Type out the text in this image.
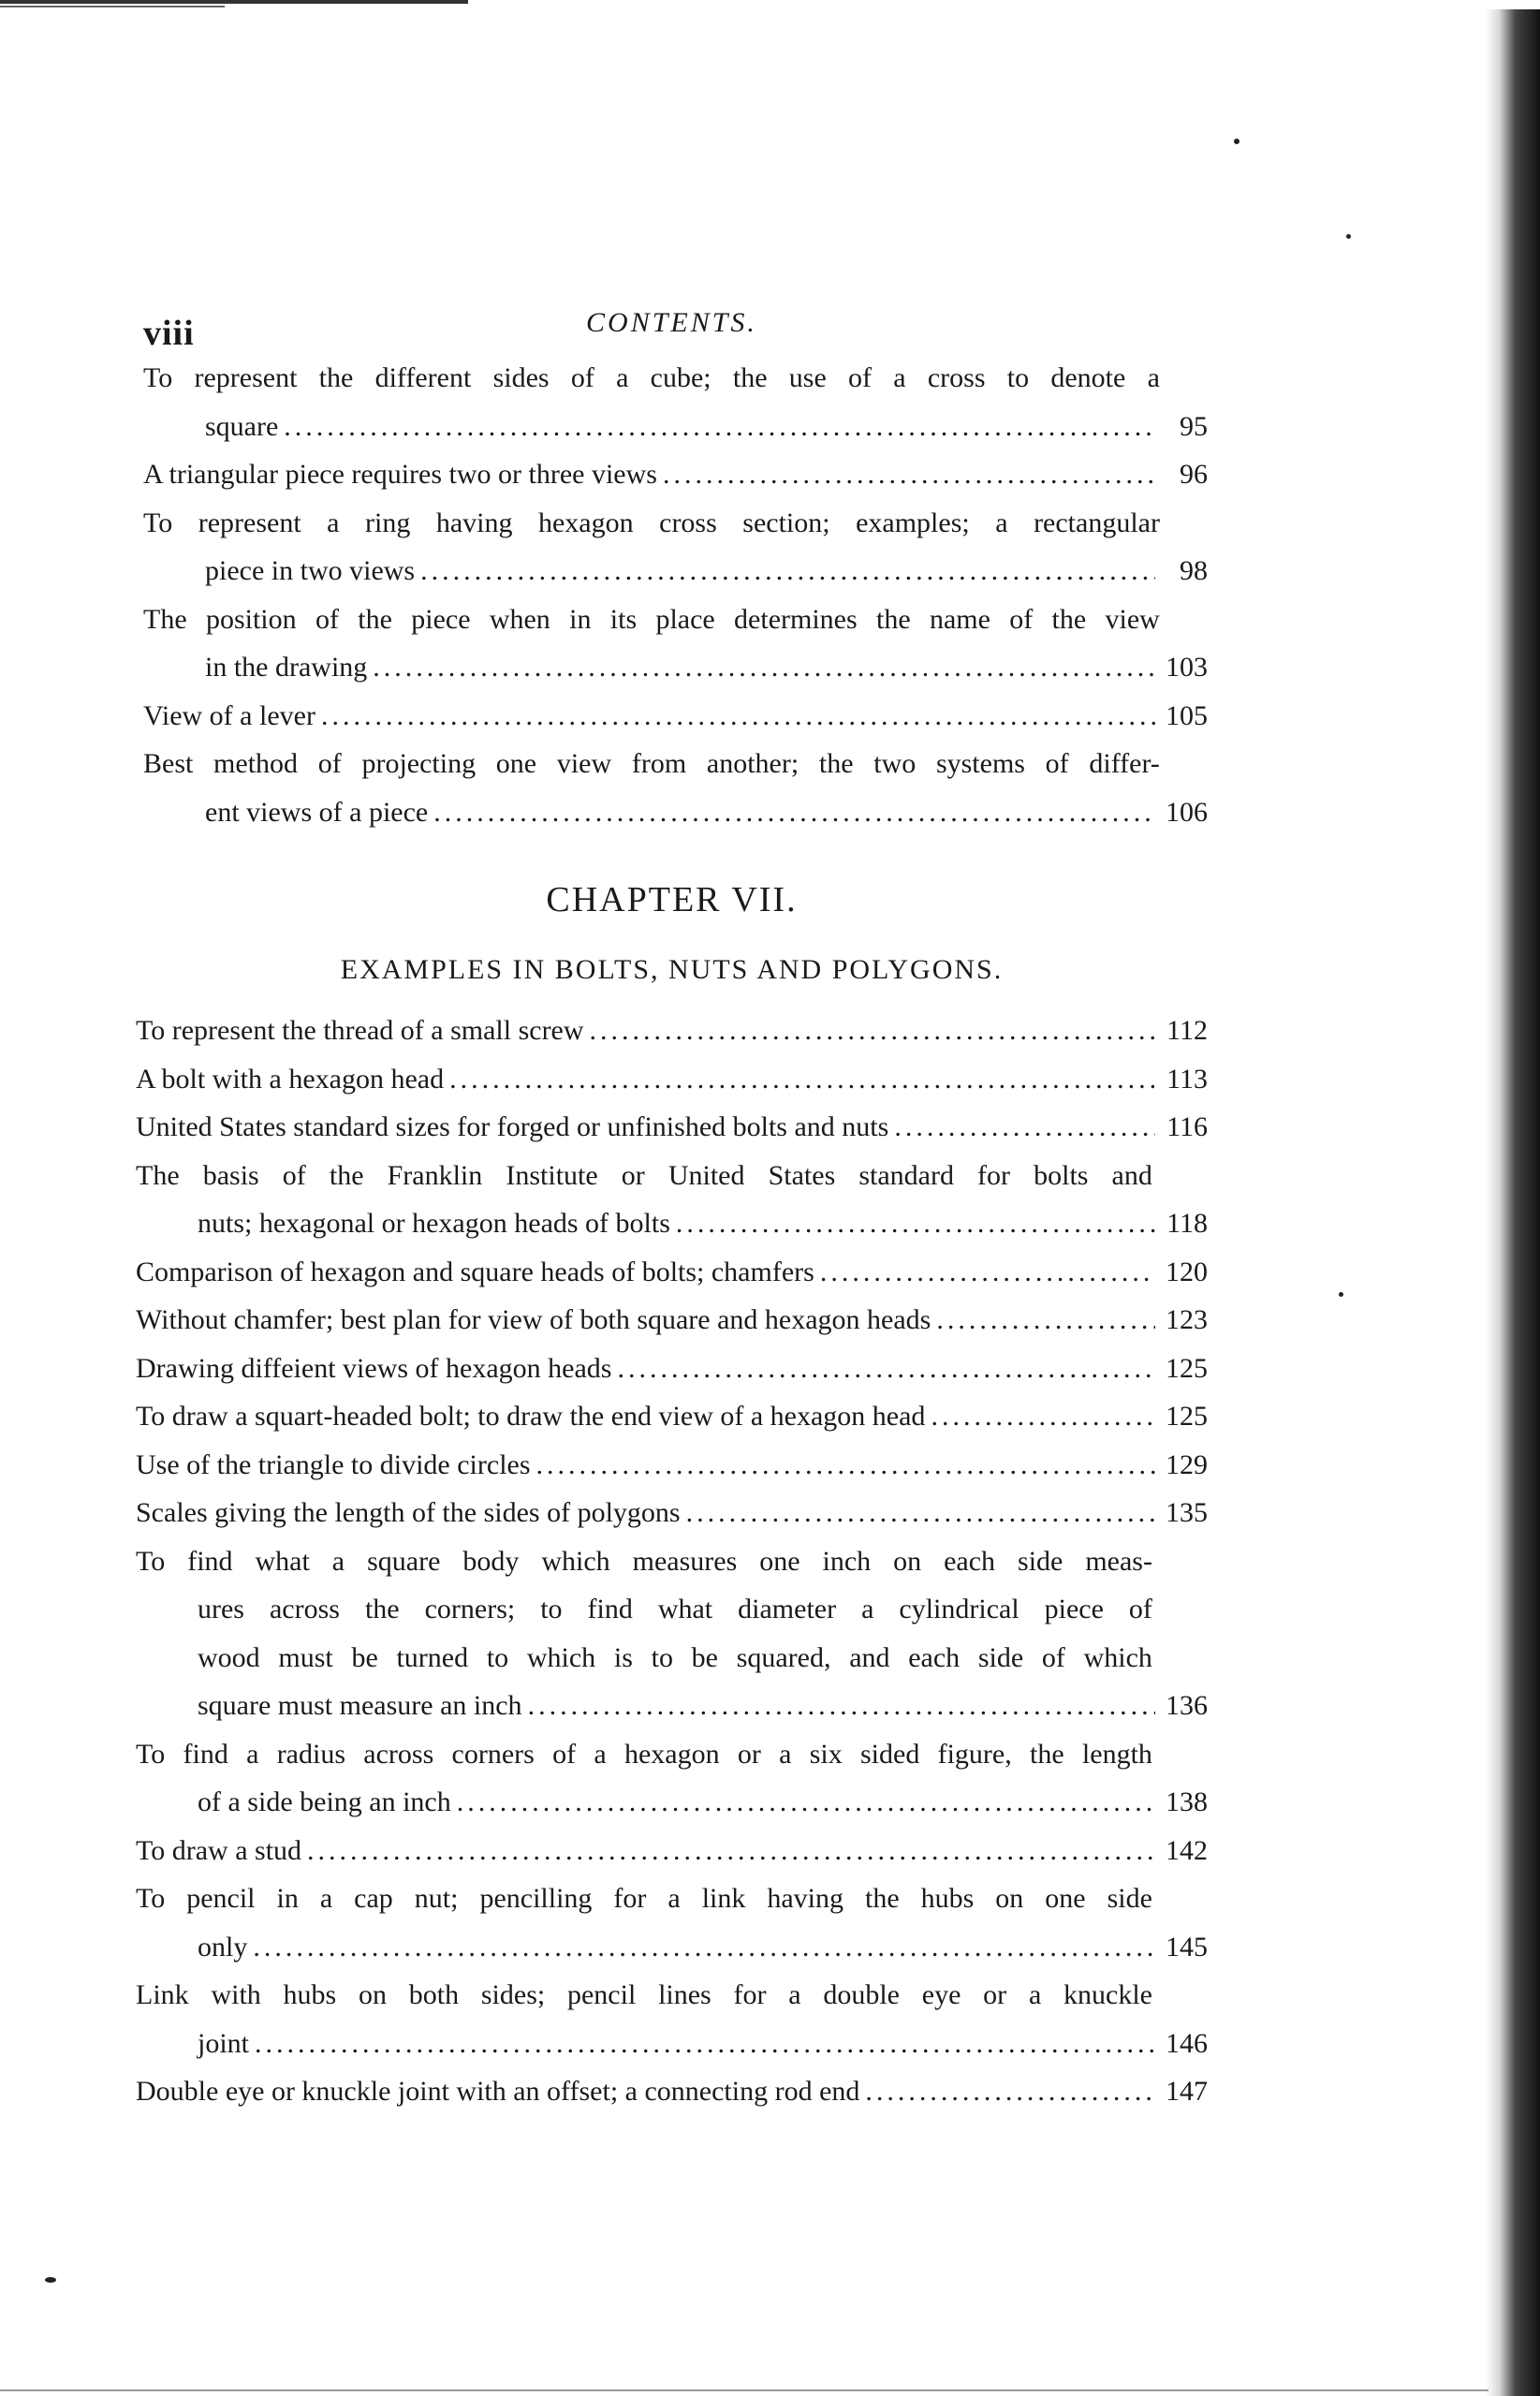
viii	CONTENTS.
To represent the different sides of a cube; the use of a cross to denote a
square .....	95
A triangular piece requires two or three views .....	96
To represent a ring having hexagon cross section; examples; a rectangular
piece in two views .....	98
The position of the piece when in its place determines the name of the view
in the drawing .....	103
View of a lever .....	105
Best method of projecting one view from another; the two systems of differ-
ent views of a piece .....	106
CHAPTER VII.
EXAMPLES IN BOLTS, NUTS AND POLYGONS.
To represent the thread of a small screw .....	112
A bolt with a hexagon head .....	113
United States standard sizes for forged or unfinished bolts and nuts .....	116
The basis of the Franklin Institute or United States standard for bolts and
nuts; hexagonal or hexagon heads of bolts .....	118
Comparison of hexagon and square heads of bolts; chamfers .....	120
Without chamfer; best plan for view of both square and hexagon heads .....	123
Drawing diffeient views of hexagon heads .....	125
To draw a squart-headed bolt; to draw the end view of a hexagon head .....	125
Use of the triangle to divide circles .....	129
Scales giving the length of the sides of polygons .....	135
To find what a square body which measures one inch on each side meas-
ures across the corners; to find what diameter a cylindrical piece of
wood must be turned to which is to be squared, and each side of which
square must measure an inch .....	136
To find a radius across corners of a hexagon or a six sided figure, the length
of a side being an inch .....	138
To draw a stud .....	142
To pencil in a cap nut; pencilling for a link having the hubs on one side
only .....	145
Link with hubs on both sides; pencil lines for a double eye or a knuckle
joint .....	146
Double eye or knuckle joint with an offset; a connecting rod end .....	147
